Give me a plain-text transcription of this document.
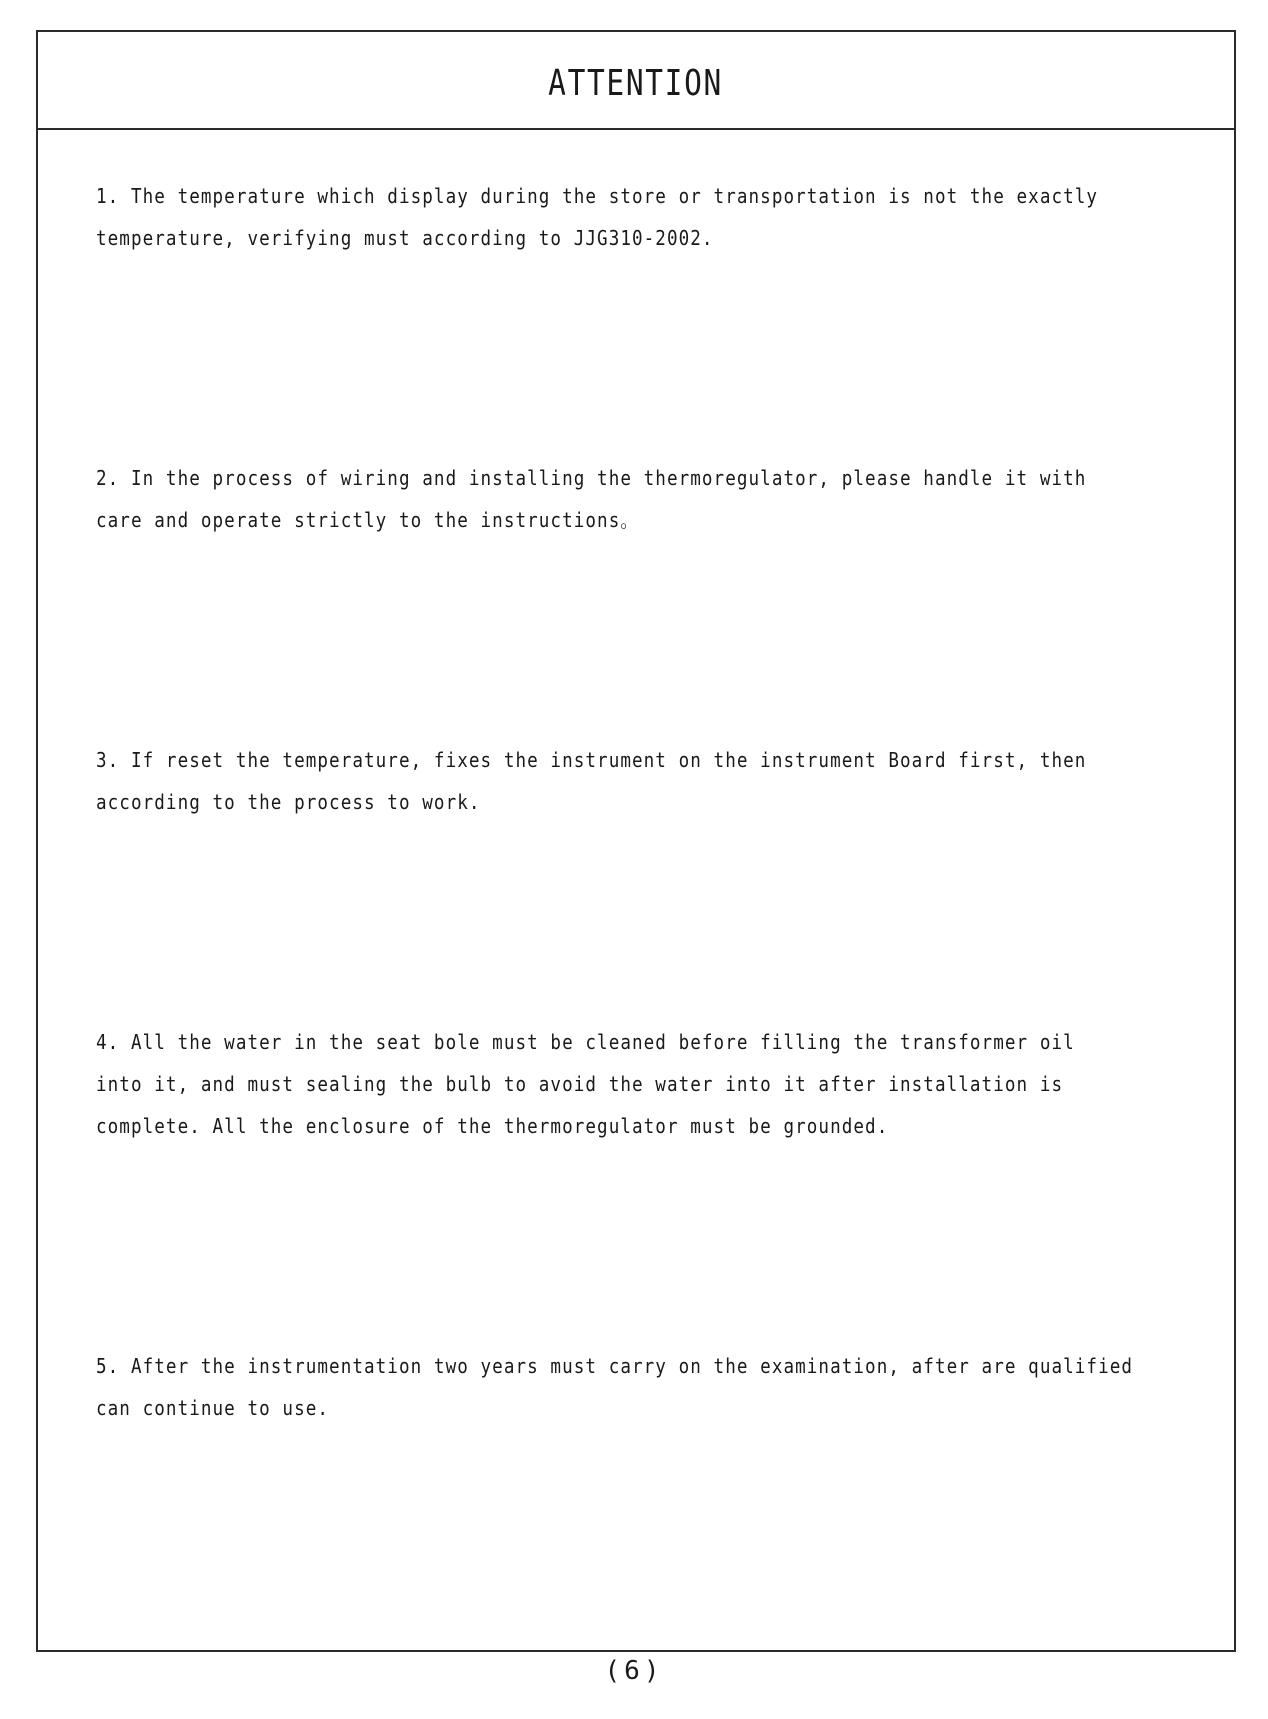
ATTENTION
1. The temperature which display during the store or transportation is not the exactly
temperature, verifying must according to JJG310-2002.
2. In the process of wiring and installing the thermoregulator, please handle it with
care and operate strictly to the instructions。
3. If reset the temperature, fixes the instrument on the instrument Board first, then
according to the process to work.
4. All the water in the seat bole must be cleaned before filling the transformer oil
into it, and must sealing the bulb to avoid the water into it after installation is
complete. All the enclosure of the thermoregulator must be grounded.
5. After the instrumentation two years must carry on the examination, after are qualified
can continue to use.
(6)
